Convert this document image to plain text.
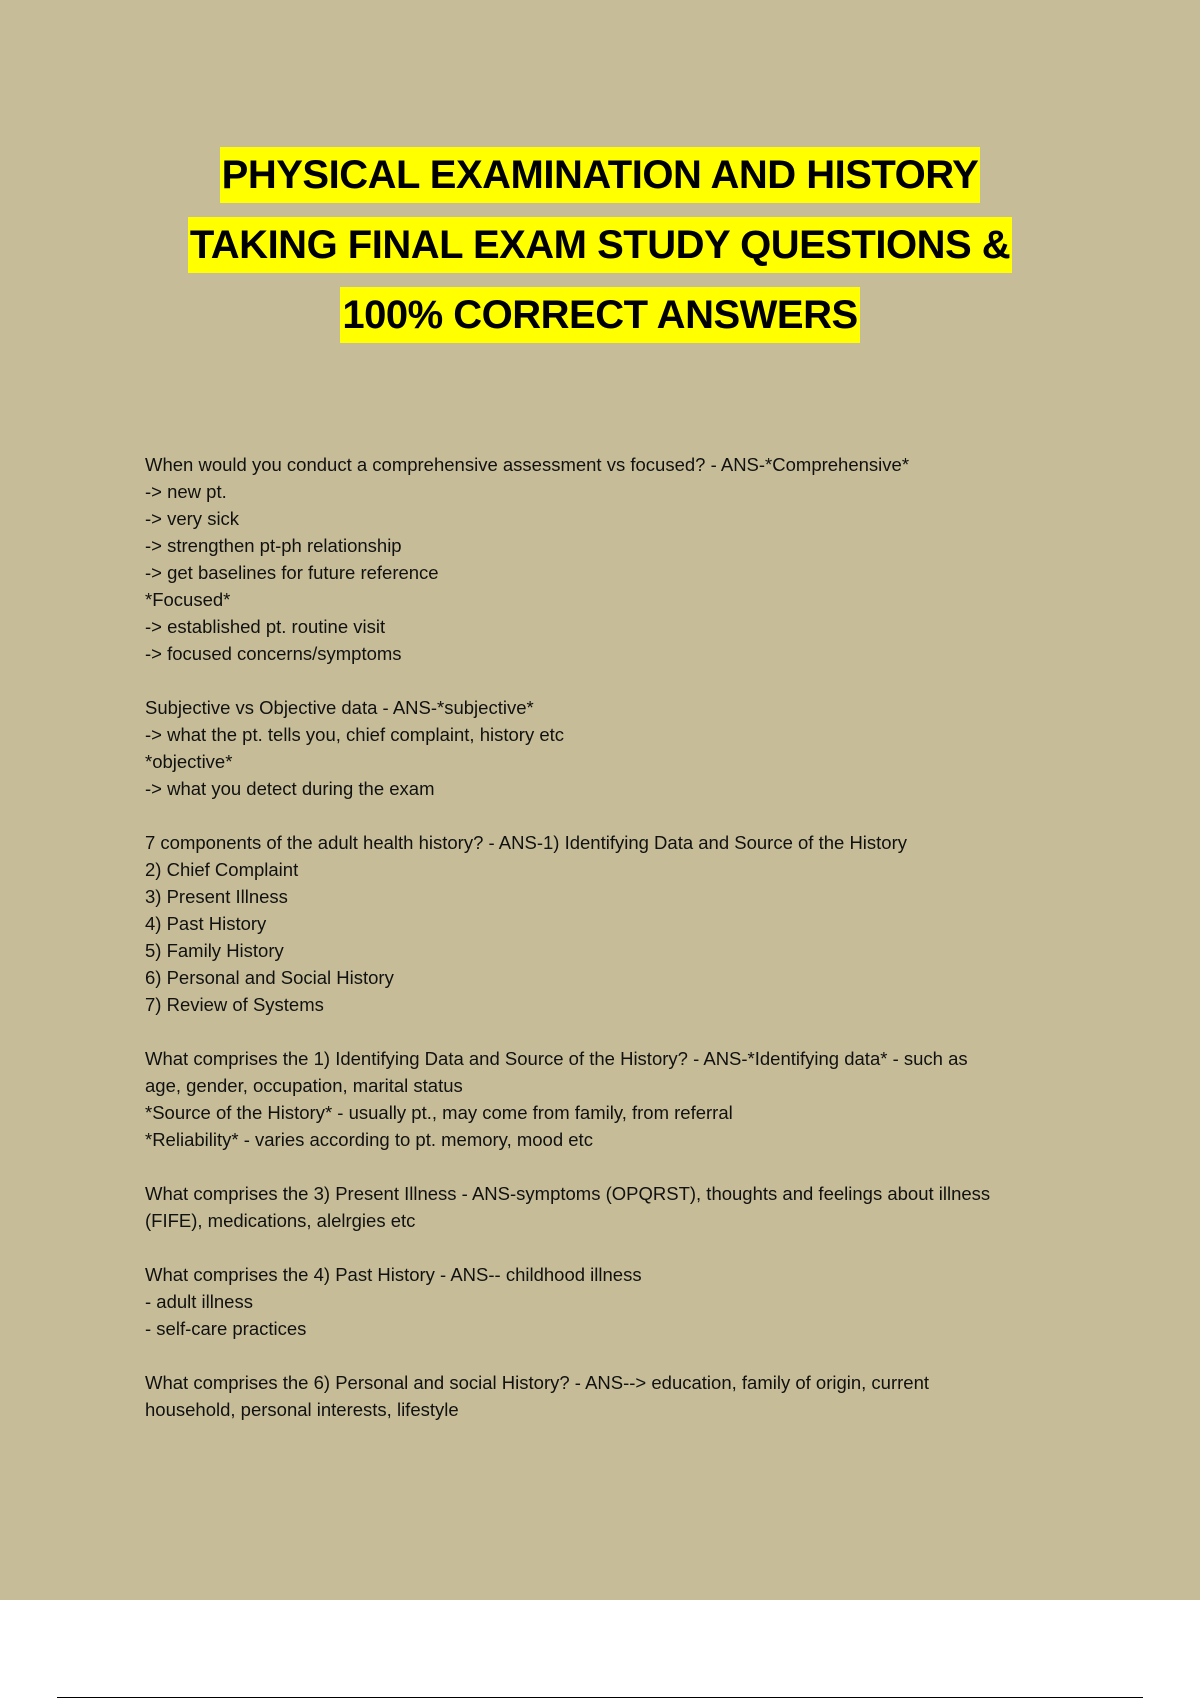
PHYSICAL EXAMINATION AND HISTORY
TAKING FINAL EXAM STUDY QUESTIONS &
100% CORRECT ANSWERS
When would you conduct a comprehensive assessment vs focused? - ANS-*Comprehensive*
-> new pt.
-> very sick
-> strengthen pt-ph relationship
-> get baselines for future reference
*Focused*
-> established pt. routine visit
-> focused concerns/symptoms
Subjective vs Objective data - ANS-*subjective*
-> what the pt. tells you, chief complaint, history etc
*objective*
-> what you detect during the exam
7 components of the adult health history? - ANS-1) Identifying Data and Source of the History
2) Chief Complaint
3) Present Illness
4) Past History
5) Family History
6) Personal and Social History
7) Review of Systems
What comprises the 1) Identifying Data and Source of the History? - ANS-*Identifying data* - such as
age, gender, occupation, marital status
*Source of the History* - usually pt., may come from family, from referral
*Reliability* - varies according to pt. memory, mood etc
What comprises the 3) Present Illness - ANS-symptoms (OPQRST), thoughts and feelings about illness
(FIFE), medications, alelrgies etc
What comprises the 4) Past History - ANS-- childhood illness
- adult illness
- self-care practices
What comprises the 6) Personal and social History? - ANS--> education, family of origin, current
household, personal interests, lifestyle
